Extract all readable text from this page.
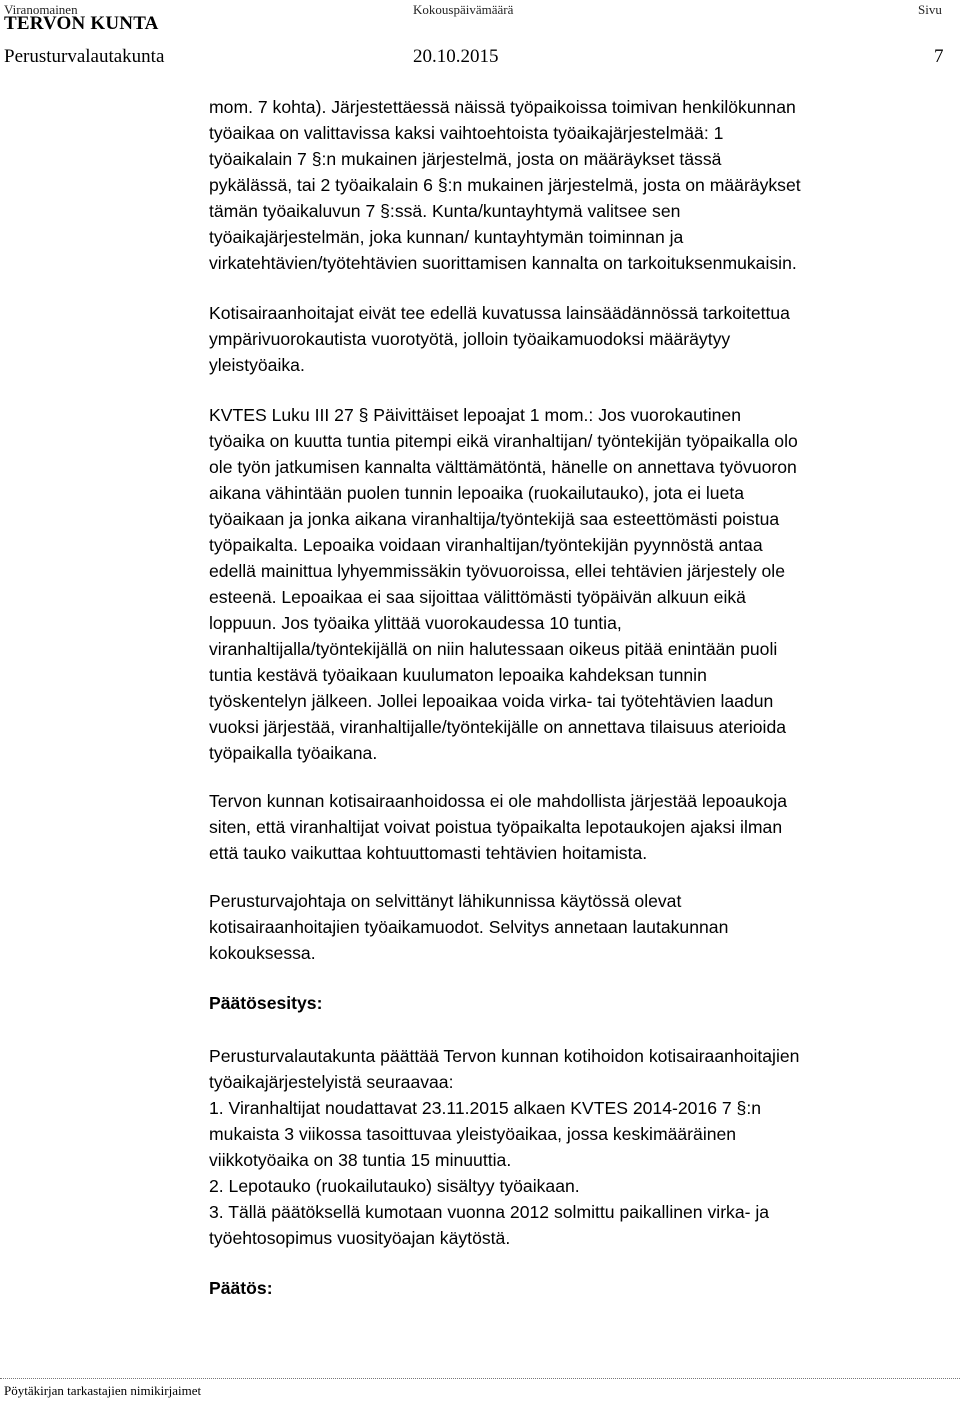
Viranomainen	Kokouspäivämäärä	Sivu
TERVON KUNTA
Perusturvalautakunta	20.10.2015	7

mom. 7 kohta). Järjestettäessä näissä työpaikoissa toimivan henkilökunnan
työaikaa on valittavissa kaksi vaihtoehtoista työaikajärjestelmää: 1
työaikalain 7 §:n mukainen järjestelmä, josta on määräykset tässä
pykälässä, tai 2 työaikalain 6 §:n mukainen järjestelmä, josta on määräykset
tämän työaikaluvun 7 §:ssä. Kunta/kuntayhtymä valitsee sen
työaikajärjestelmän, joka kunnan/ kuntayhtymän toiminnan ja
virkatehtävien/työtehtävien suorittamisen kannalta on tarkoituksenmukaisin.

Kotisairaanhoitajat eivät tee edellä kuvatussa lainsäädännössä tarkoitettua
ympärivuorokautista vuorotyötä, jolloin työaikamuodoksi määräytyy
yleistyöaika.

KVTES Luku III 27 § Päivittäiset lepoajat 1 mom.: Jos vuorokautinen
työaika on kuutta tuntia pitempi eikä viranhaltijan/ työntekijän työpaikalla olo
ole työn jatkumisen kannalta välttämätöntä, hänelle on annettava työvuoron
aikana vähintään puolen tunnin lepoaika (ruokailutauko), jota ei lueta
työaikaan ja jonka aikana viranhaltija/työntekijä saa esteettömästi poistua
työpaikalta. Lepoaika voidaan viranhaltijan/työntekijän pyynnöstä antaa
edellä mainittua lyhyemmissäkin työvuoroissa, ellei tehtävien järjestely ole
esteenä. Lepoaikaa ei saa sijoittaa välittömästi työpäivän alkuun eikä
loppuun. Jos työaika ylittää vuorokaudessa 10 tuntia,
viranhaltijalla/työntekijällä on niin halutessaan oikeus pitää enintään puoli
tuntia kestävä työaikaan kuulumaton lepoaika kahdeksan tunnin
työskentelyn jälkeen. Jollei lepoaikaa voida virka- tai työtehtävien laadun
vuoksi järjestää, viranhaltijalle/työntekijälle on annettava tilaisuus aterioida
työpaikalla työaikana.

Tervon kunnan kotisairaanhoidossa ei ole mahdollista järjestää lepoaukoja
siten, että viranhaltijat voivat poistua työpaikalta lepotaukojen ajaksi ilman
että tauko vaikuttaa kohtuuttomasti tehtävien hoitamista.

Perusturvajohtaja on selvittänyt lähikunnissa käytössä olevat
kotisairaanhoitajien työaikamuodot. Selvitys annetaan lautakunnan
kokouksessa.

Päätösesitys:

Perusturvalautakunta päättää Tervon kunnan kotihoidon kotisairaanhoitajien
työaikajärjestelyistä seuraavaa:
1. Viranhaltijat noudattavat 23.11.2015 alkaen KVTES 2014-2016 7 §:n
mukaista 3 viikossa tasoittuvaa yleistyöaikaa, jossa keskimääräinen
viikkotyöaika on 38 tuntia 15 minuuttia.
2. Lepotauko (ruokailutauko) sisältyy työaikaan.
3. Tällä päätöksellä kumotaan vuonna 2012 solmittu paikallinen virka- ja
työehtosopimus vuosityöajan käytöstä.

Päätös:
Pöytäkirjan tarkastajien nimikirjaimet
